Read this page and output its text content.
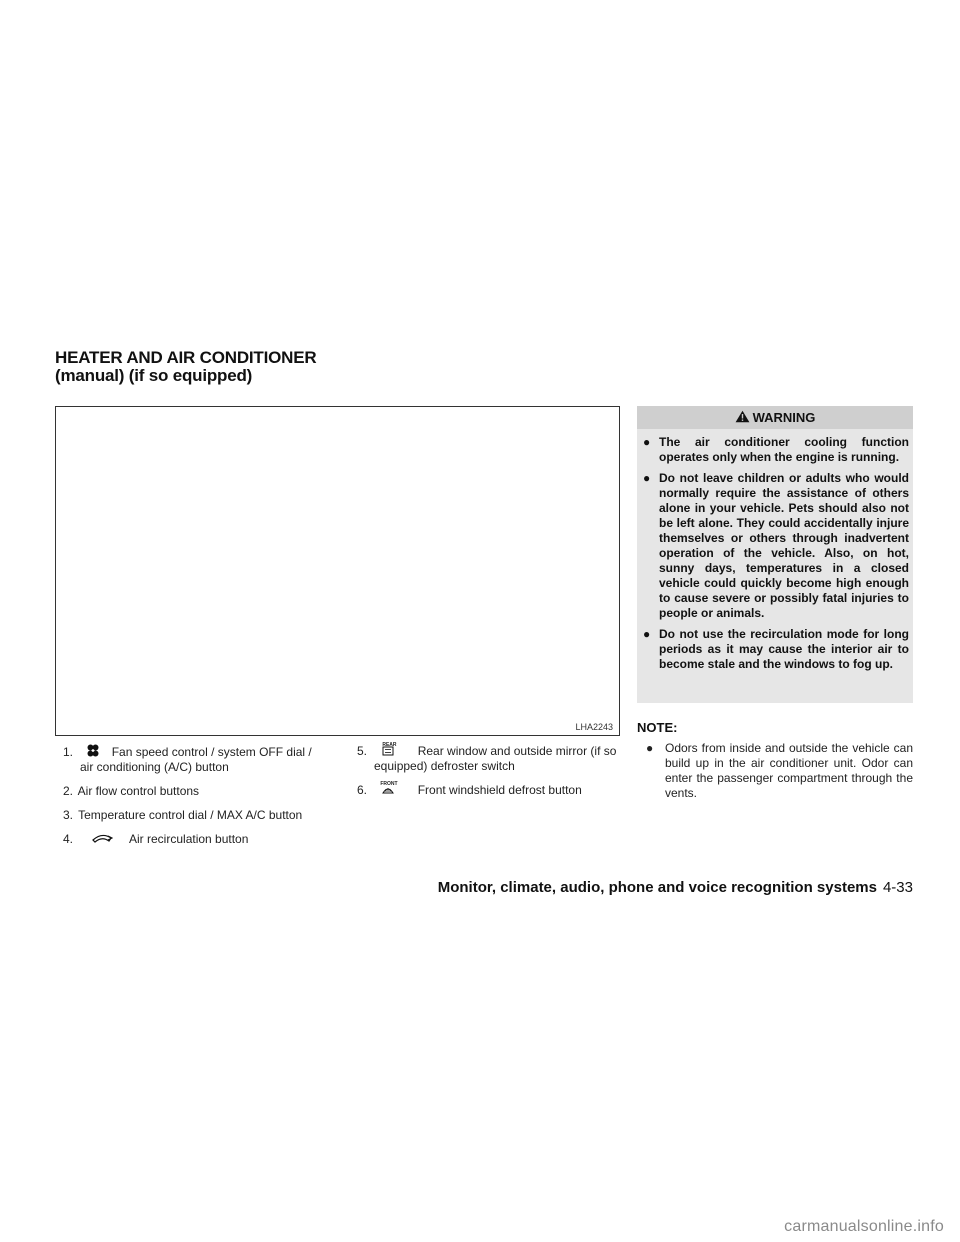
HEATER AND AIR CONDITIONER
(manual) (if so equipped)
LHA2243
1.	Fan speed control / system OFF dial /
air conditioning (A/C) button
2. Air flow control buttons
3. Temperature control dial / MAX A/C button
4.	Air recirculation button
5.	REAR Rear window and outside mirror (if so
equipped) defroster switch
6.	FRONT Front windshield defrost button
WARNING
● The air conditioner cooling function operates only when the engine is running.
● Do not leave children or adults who would normally require the assistance of others alone in your vehicle. Pets should also not be left alone. They could accidentally injure themselves or others through inadvertent operation of the vehicle. Also, on hot, sunny days, temperatures in a closed vehicle could quickly become high enough to cause severe or possibly fatal injuries to people or animals.
● Do not use the recirculation mode for long periods as it may cause the interior air to become stale and the windows to fog up.
NOTE:
● Odors from inside and outside the vehicle can build up in the air conditioner unit. Odor can enter the passenger compartment through the vents.
Monitor, climate, audio, phone and voice recognition systems 4-33
carmanualsonline.info
